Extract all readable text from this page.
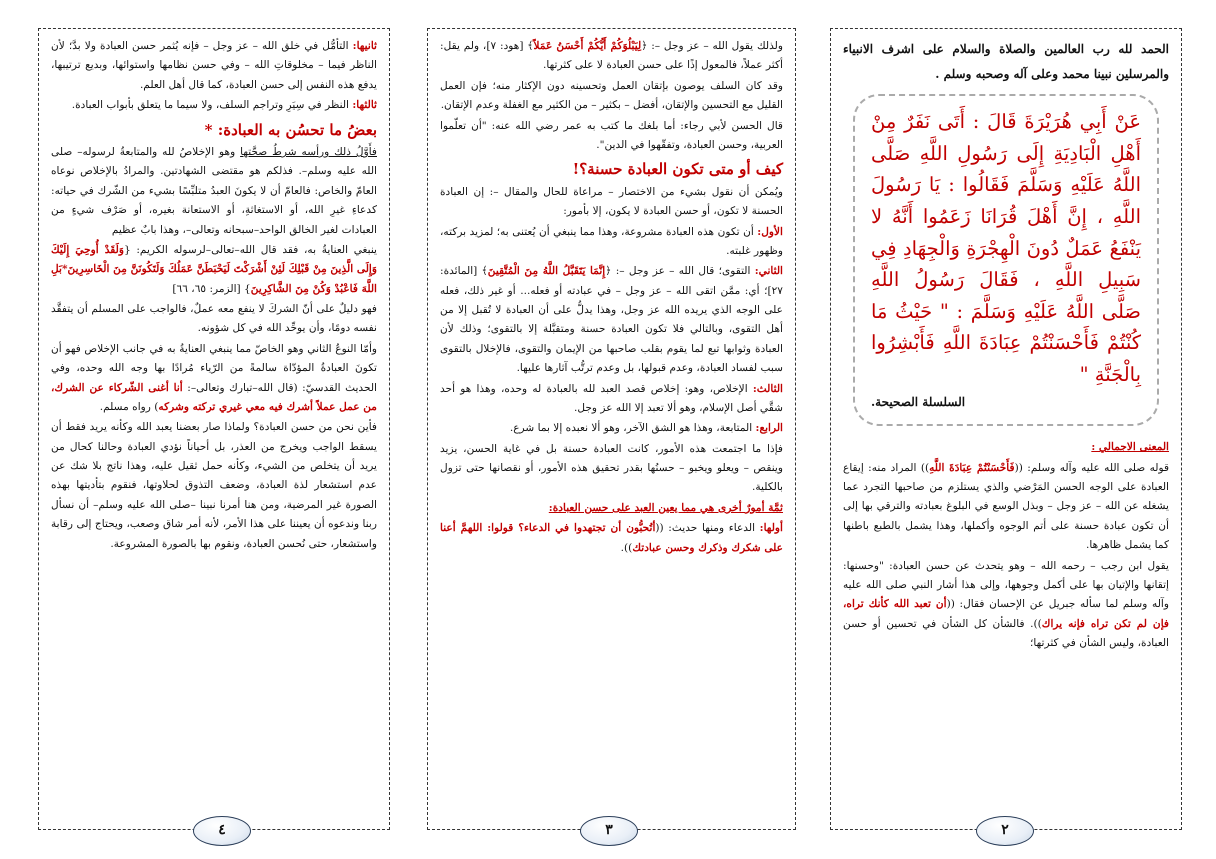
الحمد لله رب العالمين والصلاة والسلام على اشرف الانبياء والمرسلين نبينا محمد وعلى آله وصحبه وسلم .

عَنْ أَبِي هُرَيْرَةَ قَالَ : أَتَى نَفَرٌ مِنْ أَهْلِ الْبَادِيَةِ إِلَى رَسُولِ اللَّهِ صَلَّى اللَّهُ عَلَيْهِ وَسَلَّمَ فَقَالُوا : يَا رَسُولَ اللَّهِ ، إِنَّ أَهْلَ قُرَانَا زَعَمُوا أَنَّهُ لا يَنْفَعُ عَمَلٌ دُونَ الْهِجْرَةِ وَالْجِهَادِ فِي سَبِيلِ اللَّهِ ، فَقَالَ رَسُولُ اللَّهِ صَلَّى اللَّهُ عَلَيْهِ وَسَلَّمَ : " حَيْثُ مَا كُنْتُمْ فَأَحْسَنْتُمْ عِبَادَةَ اللَّهِ فَأَبْشِرُوا بِالْجَنَّةِ "
السلسلة الصحيحة.

المعنى الاجمالي :

قوله صلى الله عليه وآله وسلم: ((فَأَحْسَنْتُمْ عِبَادَةَ اللَّهِ)) المراد منه: إيقاع العبادة على الوجه الحسن المَرْضي والذي يستلزم من صاحبها التجرد عما يشغله عن الله – عز وجل – وبذل الوسع في البلوغ بعبادته والترقي بها إلى أن تكون عبادة حسنة على أتم الوجوه وأكملها، وهذا يشمل بالطبع باطنها كما يشمل ظاهرها.

يقول ابن رجب – رحمه الله – وهو يتحدث عن حسن العبادة: "وحسنها: إتقانها والإتيان بها على أكمل وجوهها، وإلى هذا أشار النبي صلى الله عليه وآله وسلم لما سأله جبريل عن الإحسان فقال: ((أن تعبد الله كأنك تراه، فإن لم تكن تراه فإنه يراك)). فالشأن كل الشأن في تحسين أو حسن العبادة، وليس الشأن في كثرتها؛

٢

ولذلك يقول الله – عز وجل –: ﴿لِيَبْلُوَكُمْ أَيُّكُمْ أَحْسَنُ عَمَلاً﴾ [هود: ٧]، ولم يقل: أكثر عملاً، فالمعول إذًا على حسن العبادة لا على كثرتها.

وقد كان السلف يوصون بإتقان العمل وتحسينه دون الإكثار منه؛ فإن العمل القليل مع التحسين والإتقان، أفضل – بكثير – من الكثير مع الغفلة وعدم الإتقان.

قال الحسن لأبي رجاء: أما بلغك ما كتب به عمر رضي الله عنه: "أن تعلّموا العربية، وحسن العبادة، وتفقّهوا في الدين".

كيف أو متى تكون العبادة حسنة؟!

ويُمكن أن نقول بشيء من الاختصار – مراعاة للحال والمقال –: إن العبادة الحسنة لا تكون، أو حسن العبادة لا يكون، إلا بأمور:

الأول: أن تكون هذه العبادة مشروعة، وهذا مما ينبغي أن يُعتنى به؛ لمزيد بركته، وظهور غلبته.

الثاني: التقوى؛ قال الله – عز وجل –: ﴿إِنَّمَا يَتَقَبَّلُ اللَّهُ مِنَ الْمُتَّقِينَ﴾ [المائدة: ٢٧]؛ أي: ممَّن اتقى الله – عز وجل – في عبادته أو فعله... أو غير ذلك، فعله على الوجه الذي يريده الله عز وجل، وهذا يدلُّ على أن العبادة لا تُقبل إلا من أهل التقوى، وبالتالي فلا تكون العبادة حسنة ومتقبَّلة إلا بالتقوى؛ وذلك لأن العبادة وثوابها تبع لما يقوم بقلب صاحبها من الإيمان والتقوى، فالإخلال بالتقوى سبب لفساد العبادة، وعدم قبولها، بل وعدم ترتُّب آثارها عليها.

الثالث: الإخلاص، وهو: إخلاص قصد العبد لله بالعبادة له وحده، وهذا هو أحد شقَّي أصل الإسلام، وهو ألا تعبد إلا الله عز وجل.

الرابع: المتابعة، وهذا هو الشق الآخر، وهو ألا نعبده إلا بما شرع.

فإذا ما اجتمعت هذه الأمور، كانت العبادة حسنة بل في غاية الحسن، يزيد وينقص – ويعلو ويخبو – حسنُها بقدر تحقيق هذه الأمور، أو نقصانها حتى تزول بالكلية.

ثمَّة أمورٌ أخرى هي مما يعين العبد على حسن العبادة:

أولها: الدعاء ومنها حديث: ((أتُحبُّون أن تجتهدوا في الدعاء؟ قولوا: اللهمَّ أعنا على شكرك وذكرك وحسن عبادتك)).

٣

ثانيها: التأمُّل في خلق الله – عز وجل – فإنه يُثمر حسن العبادة ولا بدَّ؛ لأن الناظر فيما – مخلوقاتِ الله – وفي حسن نظامها واستوائها، وبديع ترتيبها، يدفع هذه النفس إلى حسن العبادة، كما قال أهل العلم.

ثالثها: النظر في سِيَرِ وتراجم السلف، ولا سيما ما يتعلق بأبواب العبادة.

بعضُ ما تحسُن به العبادة: *

فأَوَّلُ ذلك ورأسه شرطُ صحَّتها وهو الإخلاصُ لله والمتابعةُ لرسوله– صلى الله عليه وسلم–. فذلكم هو مقتضى الشهادتين. والمرادُ بالإخلاص نوعاه العامّ والخاص: فالعامّ أن لا يكونَ العبدُ متلبِّسًا بشيء من الشّرك في حياته: كدعاءِ غيرِ الله، أو الاستغاثةِ، أو الاستعانة بغيره، أو صَرْف شيءٍ من العبادات لغير الخالق الواحد–سبحانه وتعالى–، وهذا بابٌ عظيم

ينبغي العنايةُ به، فقد قال الله–تعالى–لرسوله الكريم: {وَلَقَدْ أُوحِيَ إِلَيْكَ وَإِلَى الَّذِينَ مِنْ قَبْلِكَ لَئِنْ أَشْرَكْتَ لَيَحْبَطَنَّ عَمَلُكَ وَلَتَكُونَنَّ مِنَ الْخَاسِرِينَ*بَلِ اللَّهَ فَاعْبُدْ وَكُنْ مِنَ الشَّاكِرِينَ} [الزمر: ٦٥، ٦٦]

فهو دليلٌ على أنّ الشركَ لا ينفع معه عملٌ، فالواجب على المسلم أن يتفقَّد نفسه دومًا، وأن يوحِّد الله في كل شؤونه.

وأمّا النوعُ الثاني وهو الخاصّ مما ينبغي العنايةُ به في جانب الإخلاص فهو أن تكونَ العبادةُ المؤدّاة سالمةً من الرّياء مُرادًا بها وجه الله وحده، وفي الحديث القدسيّ: (قال الله–تبارك وتعالى–: أنا أغنى الشّركاء عن الشرك، من عمل عملاً أشرك فيه معي غيري تركته وشركه) رواه مسلم.

فأين نحن من حسن العبادة؟ ولماذا صار بعضنا يعبد الله وكأنه يريد فقط أن يسقط الواجب ويخرج من العذر، بل أحياناً نؤدي العبادة وحالنا كحال من يريد أن يتخلص من الشيء، وكأنه حمل ثقيل عليه، وهذا ناتج بلا شك عن عدم استشعار لذة العبادة، وضعف التذوق لحلاوتها، فنقوم بتأديتها بهذه الصورة غير المرضية، ومن هنا أمرنا نبينا –صلى الله عليه وسلم– أن نسأل ربنا وندعوه أن يعيننا على هذا الأمر، لأنه أمر شاق وصعب، ويحتاج إلى رقابة واستشعار، حتى نُحسن العبادة، ونقوم بها بالصورة المشروعة.

٤
